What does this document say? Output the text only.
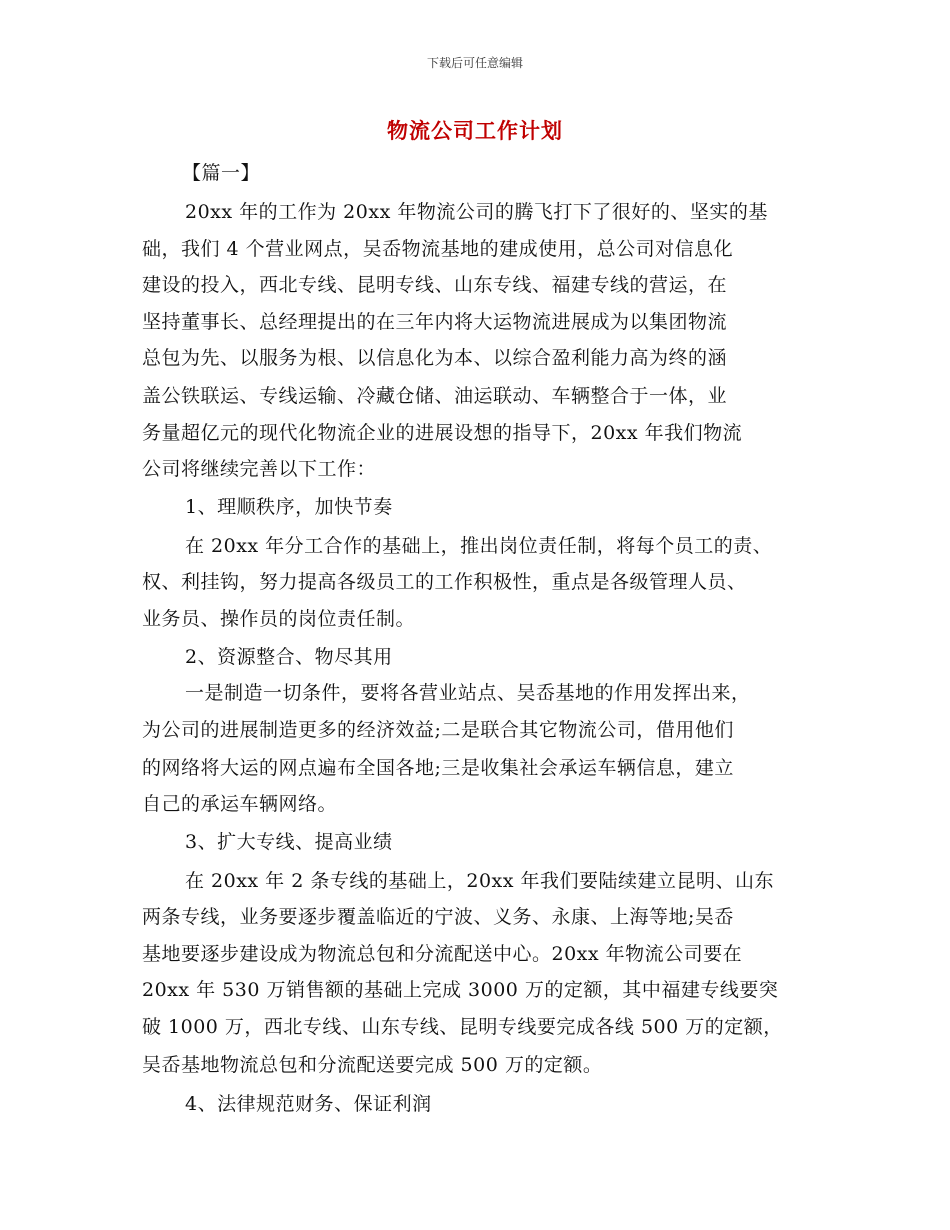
下载后可任意编辑
物流公司工作计划
【篇一】
20xx 年的工作为 20xx 年物流公司的腾飞打下了很好的、坚实的基
础，我们 4 个营业网点，吴岙物流基地的建成使用，总公司对信息化
建设的投入，西北专线、昆明专线、山东专线、福建专线的营运，在
坚持董事长、总经理提出的在三年内将大运物流进展成为以集团物流
总包为先、以服务为根、以信息化为本、以综合盈利能力高为终的涵
盖公铁联运、专线运输、冷藏仓储、油运联动、车辆整合于一体，业
务量超亿元的现代化物流企业的进展设想的指导下，20xx 年我们物流
公司将继续完善以下工作：
1、理顺秩序，加快节奏
在 20xx 年分工合作的基础上，推出岗位责任制，将每个员工的责、
权、利挂钩，努力提高各级员工的工作积极性，重点是各级管理人员、
业务员、操作员的岗位责任制。
2、资源整合、物尽其用
一是制造一切条件，要将各营业站点、吴岙基地的作用发挥出来，
为公司的进展制造更多的经济效益;二是联合其它物流公司，借用他们
的网络将大运的网点遍布全国各地;三是收集社会承运车辆信息，建立
自己的承运车辆网络。
3、扩大专线、提高业绩
在 20xx 年 2 条专线的基础上，20xx 年我们要陆续建立昆明、山东
两条专线，业务要逐步覆盖临近的宁波、义务、永康、上海等地;吴岙
基地要逐步建设成为物流总包和分流配送中心。20xx 年物流公司要在
20xx 年 530 万销售额的基础上完成 3000 万的定额，其中福建专线要突
破 1000 万，西北专线、山东专线、昆明专线要完成各线 500 万的定额，
吴岙基地物流总包和分流配送要完成 500 万的定额。
4、法律规范财务、保证利润
